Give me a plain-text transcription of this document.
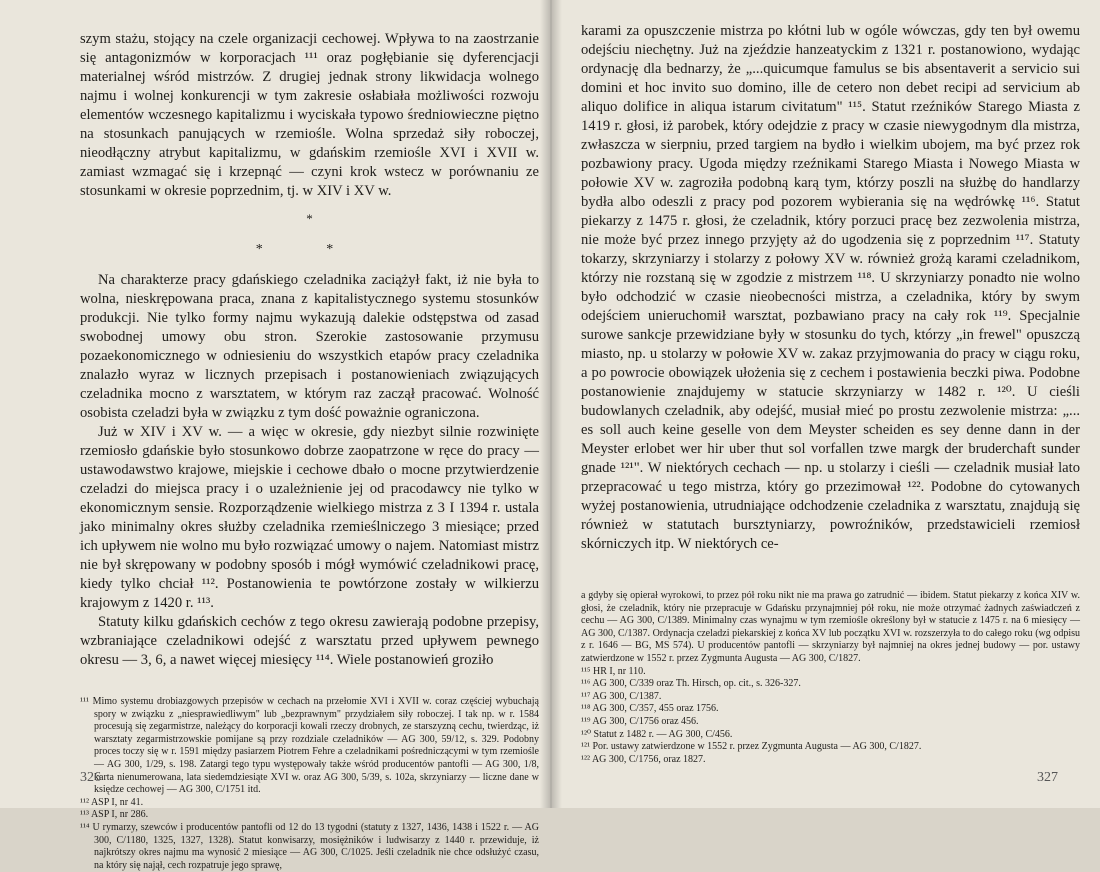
szym stażu, stojący na czele organizacji cechowej. Wpływa to na zaostrzanie się antagonizmów w korporacjach ¹¹¹ oraz pogłębianie się dyferencjacji materialnej wśród mistrzów. Z drugiej jednak strony likwidacja wolnego najmu i wolnej konkurencji w tym zakresie osłabiała możliwości rozwoju elementów wczesnego kapitalizmu i wyciskała typowo średniowieczne piętno na stosunkach panujących w rzemiośle. Wolna sprzedaż siły roboczej, nieodłączny atrybut kapitalizmu, w gdańskim rzemiośle XVI i XVII w. zamiast wzmagać się i krzepnąć — czyni krok wstecz w porównaniu ze stosunkami w okresie poprzednim, tj. w XIV i XV w.

*
* *

Na charakterze pracy gdańskiego czeladnika zaciążył fakt, iż nie była to wolna, nieskrępowana praca, znana z kapitalistycznego systemu stosunków produkcji. Nie tylko formy najmu wykazują dalekie odstępstwa od zasad swobodnej umowy obu stron. Szerokie zastosowanie przymusu pozaekonomicznego w odniesieniu do wszystkich etapów pracy czeladnika znalazło wyraz w licznych przepisach i postanowieniach związujących czeladnika mocno z warsztatem, w którym raz zaczął pracować. Wolność osobista czeladzi była w związku z tym dość poważnie ograniczona.

Już w XIV i XV w. — a więc w okresie, gdy niezbyt silnie rozwinięte rzemiosło gdańskie było stosunkowo dobrze zaopatrzone w ręce do pracy — ustawodawstwo krajowe, miejskie i cechowe dbało o mocne przytwierdzenie czeladzi do miejsca pracy i o uzależnienie jej od pracodawcy nie tylko w ekonomicznym sensie. Rozporządzenie wielkiego mistrza z 3 I 1394 r. ustala jako minimalny okres służby czeladnika rzemieślniczego 3 miesiące; przed ich upływem nie wolno mu było rozwiązać umowy o najem. Natomiast mistrz nie był skrępowany w podobny sposób i mógł wymówić czeladnikowi pracę, kiedy tylko chciał ¹¹². Postanowienia te powtórzone zostały w wilkierzu krajowym z 1420 r. ¹¹³.

Statuty kilku gdańskich cechów z tego okresu zawierają podobne przepisy, wzbraniające czeladnikowi odejść z warsztatu przed upływem pewnego okresu — 3, 6, a nawet więcej miesięcy ¹¹⁴. Wiele postanowień groziło

¹¹¹ Mimo systemu drobiazgowych przepisów w cechach na przełomie XVI i XVII w. coraz częściej wybuchają spory w związku z „niesprawiedliwym" lub „bezprawnym" przydziałem siły roboczej. I tak np. w r. 1584 procesują się zegarmistrze, należący do korporacji kowali rzeczy drobnych, ze starszyzną cechu, twierdząc, iż warsztaty zegarmistrzowskie pomijane są przy rozdziale czeladników — AG 300, 59/12, s. 329. Podobny proces toczy się w r. 1591 między pasiarzem Piotrem Fehre a czeladnikami pośredniczącymi w tym rzemiośle — AG 300, 1/29, s. 198. Zatargi tego typu występowały także wśród producentów pantofli — AG 300, 1/8, karta nienumerowana, lata siedemdziesiąte XVI w. oraz AG 300, 5/39, s. 102a, skrzyniarzy — liczne dane w księdze cechowej — AG 300, C/1751 itd.

¹¹² ASP I, nr 41.

¹¹³ ASP I, nr 286.

¹¹⁴ U rymarzy, szewców i producentów pantofli od 12 do 13 tygodni (statuty z 1327, 1436, 1438 i 1522 r. — AG 300, C/1180, 1325, 1327, 1328). Statut konwisarzy, mosiężników i ludwisarzy z 1440 r. przewiduje, iż najkrótszy okres najmu ma wynosić 2 miesiące — AG 300, C/1025. Jeśli czeladnik nie chce odsłużyć czasu, na który się najął, cech rozpatruje jego sprawę,

326

karami za opuszczenie mistrza po kłótni lub w ogóle wówczas, gdy ten był owemu odejściu niechętny. Już na zjeździe hanzeatyckim z 1321 r. postanowiono, wydając ordynację dla bednarzy, że „...quicumque famulus se bis absentaverit a servicio sui domini et hoc invito suo domino, ille de cetero non debet recipi ad servicium ab aliquo dolifice in aliqua istarum civitatum" ¹¹⁵. Statut rzeźników Starego Miasta z 1419 r. głosi, iż parobek, który odejdzie z pracy w czasie niewygodnym dla mistrza, zwłaszcza w sierpniu, przed targiem na bydło i wielkim ubojem, ma być przez rok pozbawiony pracy. Ugoda między rzeźnikami Starego Miasta i Nowego Miasta w połowie XV w. zagroziła podobną karą tym, którzy poszli na służbę do handlarzy bydła albo odeszli z pracy pod pozorem wybierania się na wędrówkę ¹¹⁶. Statut piekarzy z 1475 r. głosi, że czeladnik, który porzuci pracę bez zezwolenia mistrza, nie może być przez innego przyjęty aż do ugodzenia się z poprzednim ¹¹⁷. Statuty tokarzy, skrzyniarzy i stolarzy z połowy XV w. również grożą karami czeladnikom, którzy nie rozstaną się w zgodzie z mistrzem ¹¹⁸. U skrzyniarzy ponadto nie wolno było odchodzić w czasie nieobecności mistrza, a czeladnika, który by swym odejściem unieruchomił warsztat, pozbawiano pracy na cały rok ¹¹⁹. Specjalnie surowe sankcje przewidziane były w stosunku do tych, którzy „in frewel" opuszczą miasto, np. u stolarzy w połowie XV w. zakaz przyjmowania do pracy w ciągu roku, a po powrocie obowiązek ułożenia się z cechem i postawienia beczki piwa. Podobne postanowienie znajdujemy w statucie skrzyniarzy w 1482 r. ¹²⁰. U cieśli budowlanych czeladnik, aby odejść, musiał mieć po prostu zezwolenie mistrza: „... es soll auch keine geselle von dem Meyster scheiden es sey denne dann in der Meyster erlobet wer hir uber thut sol vorfallen tzwe margk der bruderchaft sunder gnade ¹²¹". W niektórych cechach — np. u stolarzy i cieśli — czeladnik musiał lato przepracować u tego mistrza, który go przezimował ¹²². Podobne do cytowanych wyżej postanowienia, utrudniające odchodzenie czeladnika z warsztatu, znajdują się również w statutach bursztyniarzy, powroźników, przedstawicieli rzemiosł skórniczych itp. W niektórych ce-

a gdyby się opierał wyrokowi, to przez pół roku nikt nie ma prawa go zatrudnić — ibidem. Statut piekarzy z końca XIV w. głosi, że czeladnik, który nie przepracuje w Gdańsku przynajmniej pół roku, nie może otrzymać żadnych zaświadczeń z cechu — AG 300, C/1389. Minimalny czas wynajmu w tym rzemiośle określony był w statucie z 1475 r. na 6 miesięcy — AG 300, C/1387. Ordynacja czeladzi piekarskiej z końca XV lub początku XVI w. rozszerzyła to do całego roku (wg odpisu z r. 1646 — BG, MS 574). U producentów pantofli — skrzyniarzy był najmniej na okres jednej budowy — por. ustawy zatwierdzone w 1552 r. przez Zygmunta Augusta — AG 300, C/1827.

¹¹⁵ HR I, nr 110.

¹¹⁶ AG 300, C/339 oraz Th. Hirsch, op. cit., s. 326-327.

¹¹⁷ AG 300, C/1387.

¹¹⁸ AG 300, C/357, 455 oraz 1756.

¹¹⁹ AG 300, C/1756 oraz 456.

¹²⁰ Statut z 1482 r. — AG 300, C/456.

¹²¹ Por. ustawy zatwierdzone w 1552 r. przez Zygmunta Augusta — AG 300, C/1827.

¹²² AG 300, C/1756, oraz 1827.

327
